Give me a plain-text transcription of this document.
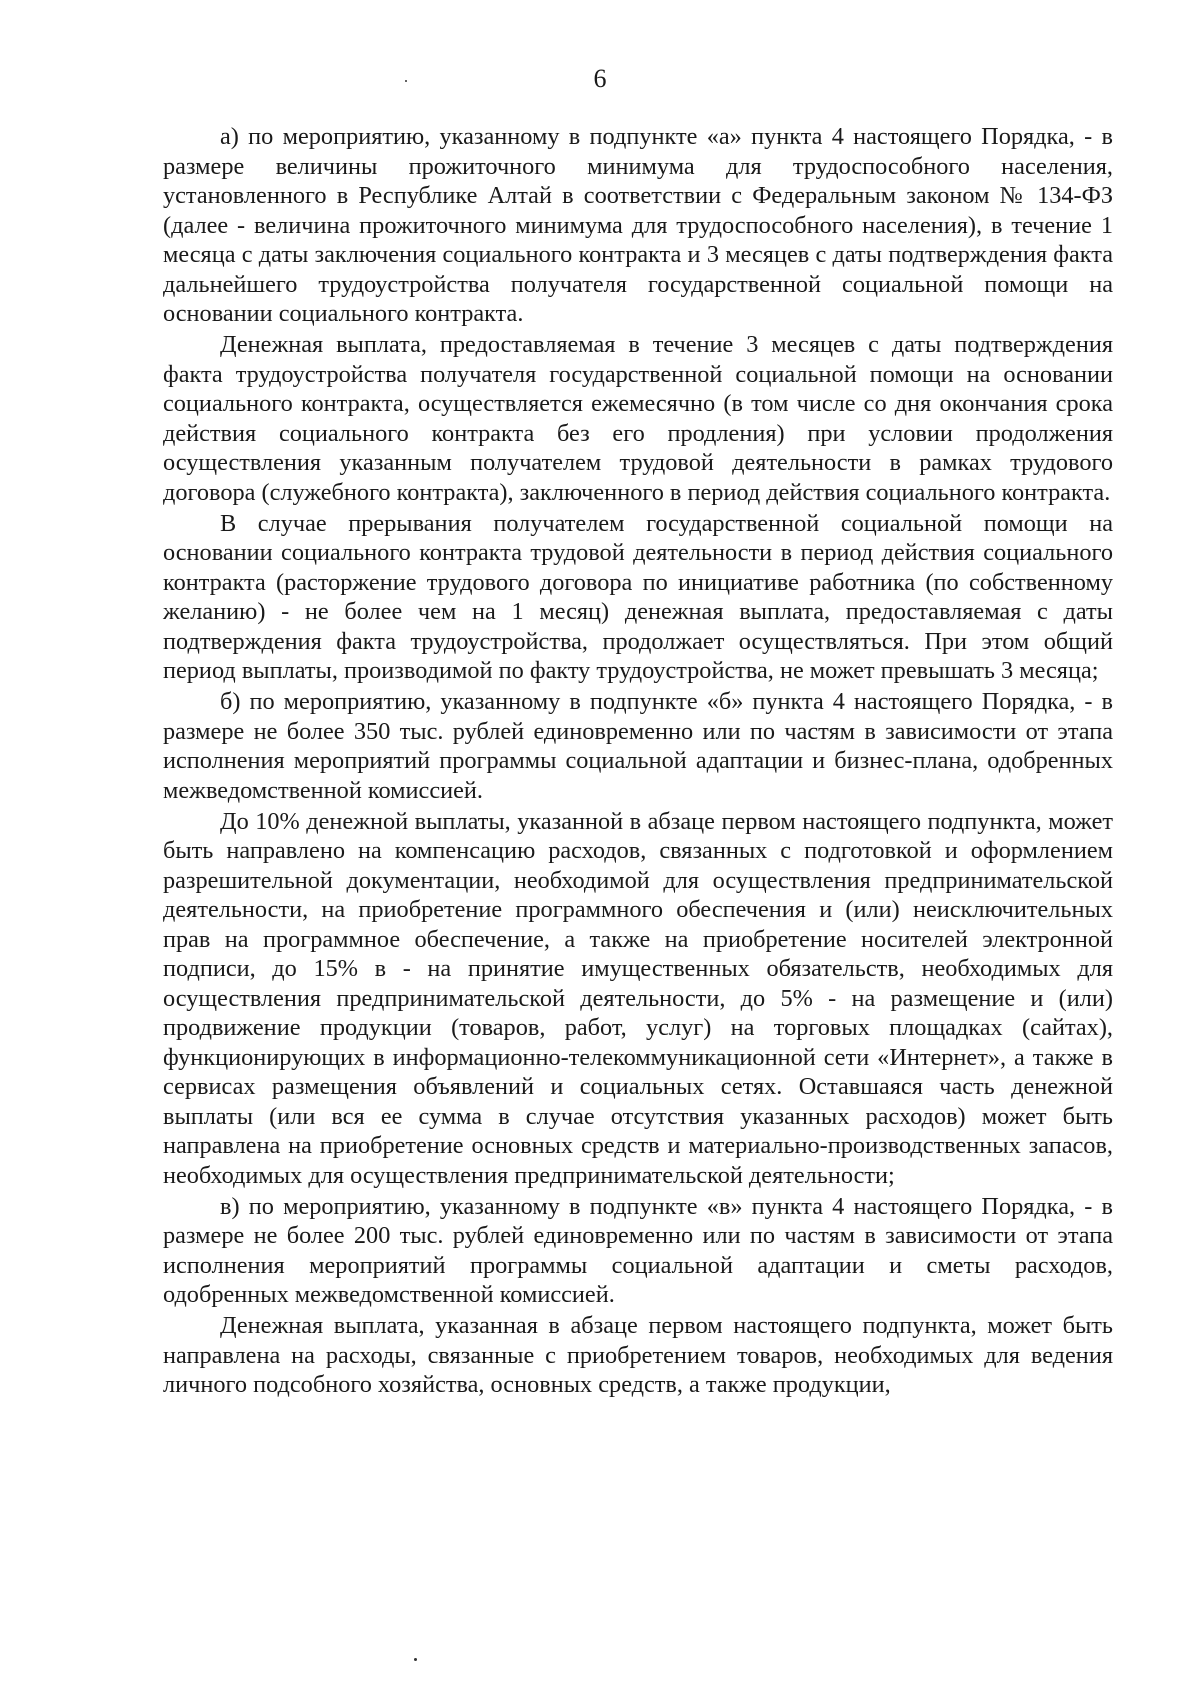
6

а) по мероприятию, указанному в подпункте «а» пункта 4 настоящего Порядка, - в размере величины прожиточного минимума для трудоспособного населения, установленного в Республике Алтай в соответствии с Федеральным законом № 134-ФЗ (далее - величина прожиточного минимума для трудоспособного населения), в течение 1 месяца с даты заключения социального контракта и 3 месяцев с даты подтверждения факта дальнейшего трудоустройства получателя государственной социальной помощи на основании социального контракта.

Денежная выплата, предоставляемая в течение 3 месяцев с даты подтверждения факта трудоустройства получателя государственной социальной помощи на основании социального контракта, осуществляется ежемесячно (в том числе со дня окончания срока действия социального контракта без его продления) при условии продолжения осуществления указанным получателем трудовой деятельности в рамках трудового договора (служебного контракта), заключенного в период действия социального контракта.

В случае прерывания получателем государственной социальной помощи на основании социального контракта трудовой деятельности в период действия социального контракта (расторжение трудового договора по инициативе работника (по собственному желанию) - не более чем на 1 месяц) денежная выплата, предоставляемая с даты подтверждения факта трудоустройства, продолжает осуществляться. При этом общий период выплаты, производимой по факту трудоустройства, не может превышать 3 месяца;

б) по мероприятию, указанному в подпункте «б» пункта 4 настоящего Порядка, - в размере не более 350 тыс. рублей единовременно или по частям в зависимости от этапа исполнения мероприятий программы социальной адаптации и бизнес-плана, одобренных межведомственной комиссией.

До 10% денежной выплаты, указанной в абзаце первом настоящего подпункта, может быть направлено на компенсацию расходов, связанных с подготовкой и оформлением разрешительной документации, необходимой для осуществления предпринимательской деятельности, на приобретение программного обеспечения и (или) неисключительных прав на программное обеспечение, а также на приобретение носителей электронной подписи, до 15% в - на принятие имущественных обязательств, необходимых для осуществления предпринимательской деятельности, до 5% - на размещение и (или) продвижение продукции (товаров, работ, услуг) на торговых площадках (сайтах), функционирующих в информационно-телекоммуникационной сети «Интернет», а также в сервисах размещения объявлений и социальных сетях. Оставшаяся часть денежной выплаты (или вся ее сумма в случае отсутствия указанных расходов) может быть направлена на приобретение основных средств и материально-производственных запасов, необходимых для осуществления предпринимательской деятельности;

в) по мероприятию, указанному в подпункте «в» пункта 4 настоящего Порядка, - в размере не более 200 тыс. рублей единовременно или по частям в зависимости от этапа исполнения мероприятий программы социальной адаптации и сметы расходов, одобренных межведомственной комиссией.

Денежная выплата, указанная в абзаце первом настоящего подпункта, может быть направлена на расходы, связанные с приобретением товаров, необходимых для ведения личного подсобного хозяйства, основных средств, а также продукции,
